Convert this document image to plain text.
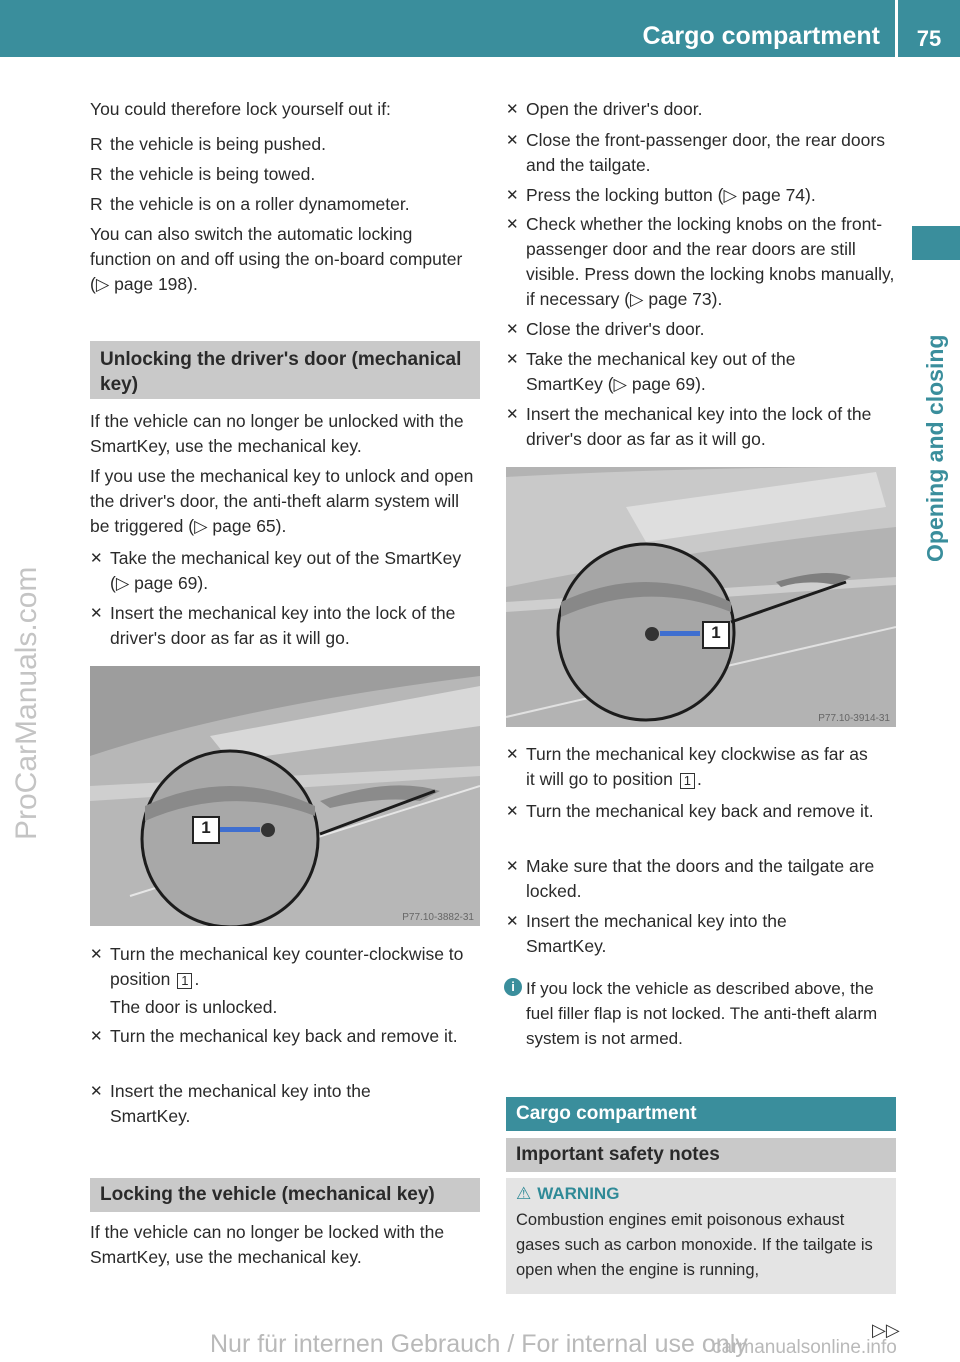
Cargo compartment	75
Opening and closing
ProCarManuals.com

You could therefore lock yourself out if:

R the vehicle is being pushed.
R the vehicle is being towed.
R the vehicle is on a roller dynamometer.

You can also switch the automatic locking function on and off using the on-board computer (▷ page 198).

Unlocking the driver's door (mechanical key)

If the vehicle can no longer be unlocked with the SmartKey, use the mechanical key.

If you use the mechanical key to unlock and open the driver's door, the anti-theft alarm system will be triggered (▷ page 65).

✕ Take the mechanical key out of the SmartKey (▷ page 69).
✕ Insert the mechanical key into the lock of the driver's door as far as it will go.
1
P77.10-3882-31
✕ Turn the mechanical key counter-clockwise to position 1 .

The door is unlocked.

✕ Turn the mechanical key back and remove it.
✕ Insert the mechanical key into the SmartKey.
Locking the vehicle (mechanical key)

If the vehicle can no longer be locked with the SmartKey, use the mechanical key.

✕ Open the driver's door.
✕ Close the front-passenger door, the rear doors and the tailgate.
✕ Press the locking button (▷ page 74).
✕ Check whether the locking knobs on the front-passenger door and the rear doors are still visible. Press down the locking knobs manually, if necessary (▷ page 73).
✕ Close the driver's door.
✕ Take the mechanical key out of the SmartKey (▷ page 69).
✕ Insert the mechanical key into the lock of the driver's door as far as it will go.
1
P77.10-3914-31
✕ Turn the mechanical key clockwise as far as it will go to position 1 .
✕ Turn the mechanical key back and remove it.
✕ Make sure that the doors and the tailgate are locked.
✕ Insert the mechanical key into the SmartKey.
i If you lock the vehicle as described above, the fuel filler flap is not locked. The anti-theft alarm system is not armed.

Cargo compartment
Important safety notes
⚠ WARNING
Combustion engines emit poisonous exhaust gases such as carbon monoxide. If the tailgate is open when the engine is running,
▷▷
Nur für internen Gebrauch / For internal use only
carmanualsonline.info
